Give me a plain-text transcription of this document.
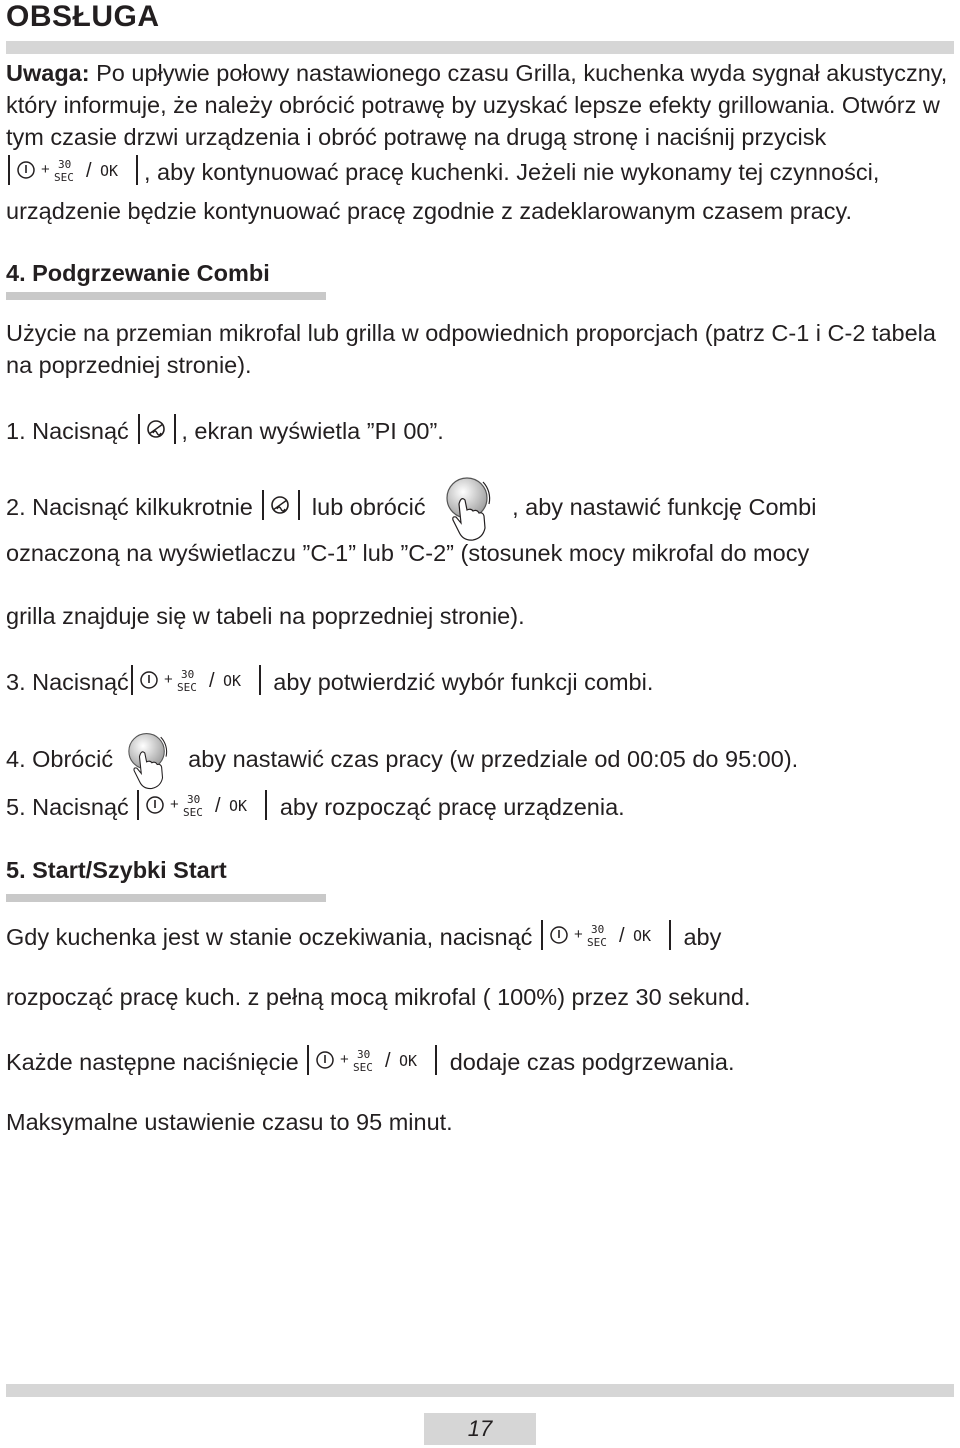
OBSŁUGA
Uwaga: Po upływie połowy nastawionego czasu Grilla, kuchenka wyda sygnał akustyczny, który informuje, że należy obrócić potrawę by uzyskać lepsze efekty grillowania. Otwórz w tym czasie drzwi urządzenia i obróć potrawę na drugą stronę i naciśnij przycisk
+ 30
SEC / OK , aby kontynuować pracę kuchenki. Jeżeli nie wykonamy tej czynności, urządzenie będzie kontynuować pracę zgodnie z zadeklarowanym czasem pracy.
4. Podgrzewanie Combi
Użycie na przemian mikrofal lub grilla w odpowiednich proporcjach (patrz C-1 i C-2 tabela na poprzedniej stronie).
1. Nacisnąć , ekran wyświetla ”PI 00”.
2. Nacisnąć kilkukrotnie  lub obrócić	, aby nastawić funkcję Combi
oznaczoną na wyświetlaczu ”C-1” lub ”C-2” (stosunek mocy mikrofal do mocy
grilla znajduje się w tabeli na poprzedniej stronie).
3. Nacisnąć + 30
SEC / OK aby potwierdzić wybór funkcji combi.
4. Obrócić	aby nastawić czas pracy (w przedziale od 00:05 do 95:00).
5. Nacisnąć + 30
SEC / OK aby rozpocząć pracę urządzenia.
5. Start/Szybki Start
Gdy kuchenka jest w stanie oczekiwania, nacisnąć + 30
SEC / OK aby
rozpocząć pracę kuch. z pełną mocą mikrofal ( 100%) przez 30 sekund.
Każde następne naciśnięcie + 30
SEC / OK dodaje czas podgrzewania.
Maksymalne ustawienie czasu to 95 minut.
17
